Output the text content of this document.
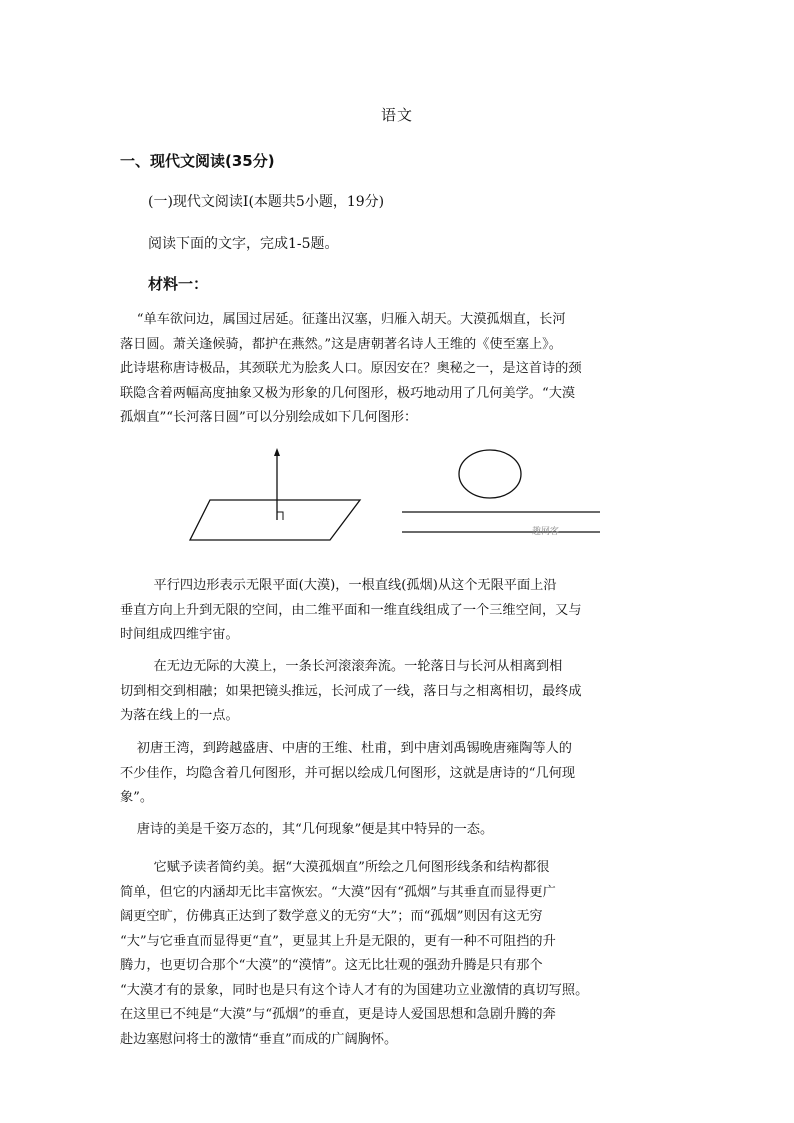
语文
一、现代文阅读(35分)
(一)现代文阅读Ⅰ(本题共5小题，19分)
阅读下面的文字，完成1-5题。
材料一：
“单车欲问边，属国过居延。征蓬出汉塞，归雁入胡天。大漠孤烟直，长河
落日圆。萧关逢候骑，都护在燕然。”这是唐朝著名诗人王维的《使至塞上》。
此诗堪称唐诗极品，其颈联尤为脍炙人口。原因安在？奥秘之一，是这首诗的颈
联隐含着两幅高度抽象又极为形象的几何图形，极巧地动用了几何美学。“大漠
孤烟直”“长河落日圆”可以分别绘成如下几何图形：
趣网客
平行四边形表示无限平面(大漠)，一根直线(孤烟)从这个无限平面上沿
垂直方向上升到无限的空间，由二维平面和一维直线组成了一个三维空间，又与
时间组成四维宇宙。
在无边无际的大漠上，一条长河滚滚奔流。一轮落日与长河从相离到相
切到相交到相融；如果把镜头推远，长河成了一线，落日与之相离相切，最终成
为落在线上的一点。
初唐王湾，到跨越盛唐、中唐的王维、杜甫，到中唐刘禹锡晚唐雍陶等人的
不少佳作，均隐含着几何图形，并可据以绘成几何图形，这就是唐诗的“几何现
象”。
唐诗的美是千姿万态的，其“几何现象”便是其中特异的一态。
它赋予读者简约美。据“大漠孤烟直”所绘之几何图形线条和结构都很
简单，但它的内涵却无比丰富恢宏。“大漠”因有“孤烟”与其垂直而显得更广
阔更空旷，仿佛真正达到了数学意义的无穷“大”；而“孤烟”则因有这无穷
“大”与它垂直而显得更“直”，更显其上升是无限的，更有一种不可阻挡的升
腾力，也更切合那个“大漠”的“漠情”。这无比壮观的强劲升腾是只有那个
“大漠才有的景象，同时也是只有这个诗人才有的为国建功立业激情的真切写照。
在这里已不纯是“大漠”与“孤烟”的垂直，更是诗人爱国思想和急剧升腾的奔
赴边塞慰问将士的激情“垂直”而成的广阔胸怀。
